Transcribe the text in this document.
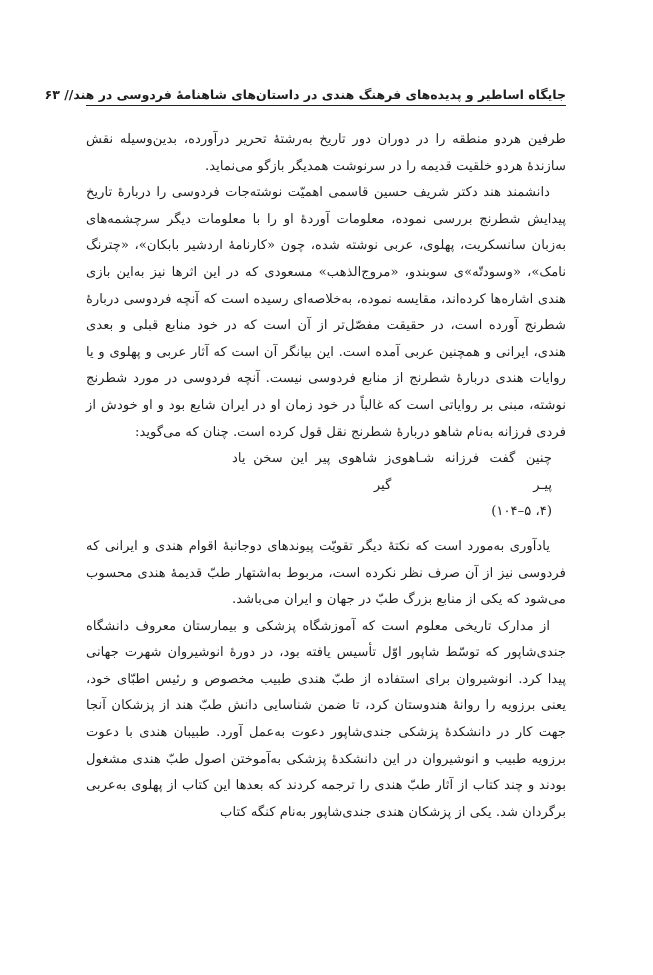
جایگاه اساطیر و پدیده‌های فرهنگ هندی در داستان‌های شاهنامهٔ فردوسی در هند
// ۶۳

طرفین هردو منطقه را در دوران دور تاریخ به‌رشتهٔ تحریر درآورده، بدین‌وسیله نقش سازندهٔ هردو خلقیت قدیمه را در سرنوشت همدیگر بازگو می‌نماید.

دانشمند هند دکتر شریف حسین قاسمی اهمیّت نوشته‌جات فردوسی را دربارهٔ تاریخ پیدایش شطرنج بررسی نموده، معلومات آوردهٔ او را با معلومات دیگر سرچشمه‌های به‌زبان سانسکریت، پهلوی، عربی نوشته شده، چون «کارنامهٔ اردشیر بابکان»، «چترنگ نامک»، «وسودتّه»ی سوبندو، «مروج‌الذهب» مسعودی که در این اثرها نیز به‌این بازی هندی اشاره‌ها کرده‌اند، مقایسه نموده، به‌خلاصه‌ای رسیده است که آنچه فردوسی دربارهٔ شطرنج آورده است، در حقیقت مفصّل‌تر از آن است که در خود منابع قبلی و بعدی هندی، ایرانی و همچنین عربی آمده است. این بیانگر آن است که آثار عربی و پهلوی و یا روایات هندی دربارهٔ شطرنج از منابع فردوسی نیست. آنچه فردوسی در مورد شطرنج نوشته، مبنی بر روایاتی است که غالباً در خود زمان او در ایران شایع بود و او خودش از فردی فرزانه به‌نام شاهو دربارهٔ شطرنج نقل قول کرده است. چنان که می‌گوید:

چنین گفت فرزانه شـاهوی پیـر
ز شاهوی پیر این سخن یاد گیر
(۴، ۵–۱۰۴)

یادآوری به‌مورد است که نکتهٔ دیگر تقویّت پیوندهای دوجانبهٔ اقوام هندی و ایرانی که فردوسی نیز از آن صرف نظر نکرده است، مربوط به‌اشتهار طبّ قدیمهٔ هندی محسوب می‌شود که یکی از منابع بزرگ طبّ در جهان و ایران می‌باشد.

از مدارک تاریخی معلوم است که آموزشگاه پزشکی و بیمارستان معروف دانشگاه جندی‌شاپور که توسّط شاپور اوّل تأسیس یافته بود، در دورهٔ انوشیروان شهرت جهانی پیدا کرد. انوشیروان برای استفاده از طبّ هندی طبیب مخصوص و رئیس اطبّای خود، یعنی برزویه را روانهٔ هندوستان کرد، تا ضمن شناسایی دانش طبّ هند از پزشکان آنجا جهت کار در دانشکدهٔ پزشکی جندی‌شاپور دعوت به‌عمل آورد. طبیبان هندی با دعوت برزویه طبیب و انوشیروان در این دانشکدهٔ پزشکی به‌آموختن اصول طبّ هندی مشغول بودند و چند کتاب از آثار طبّ هندی را ترجمه کردند که بعدها این کتاب از پهلوی به‌عربی برگردان شد. یکی از پزشکان هندی جندی‌شاپور به‌نام کنگه کتاب
